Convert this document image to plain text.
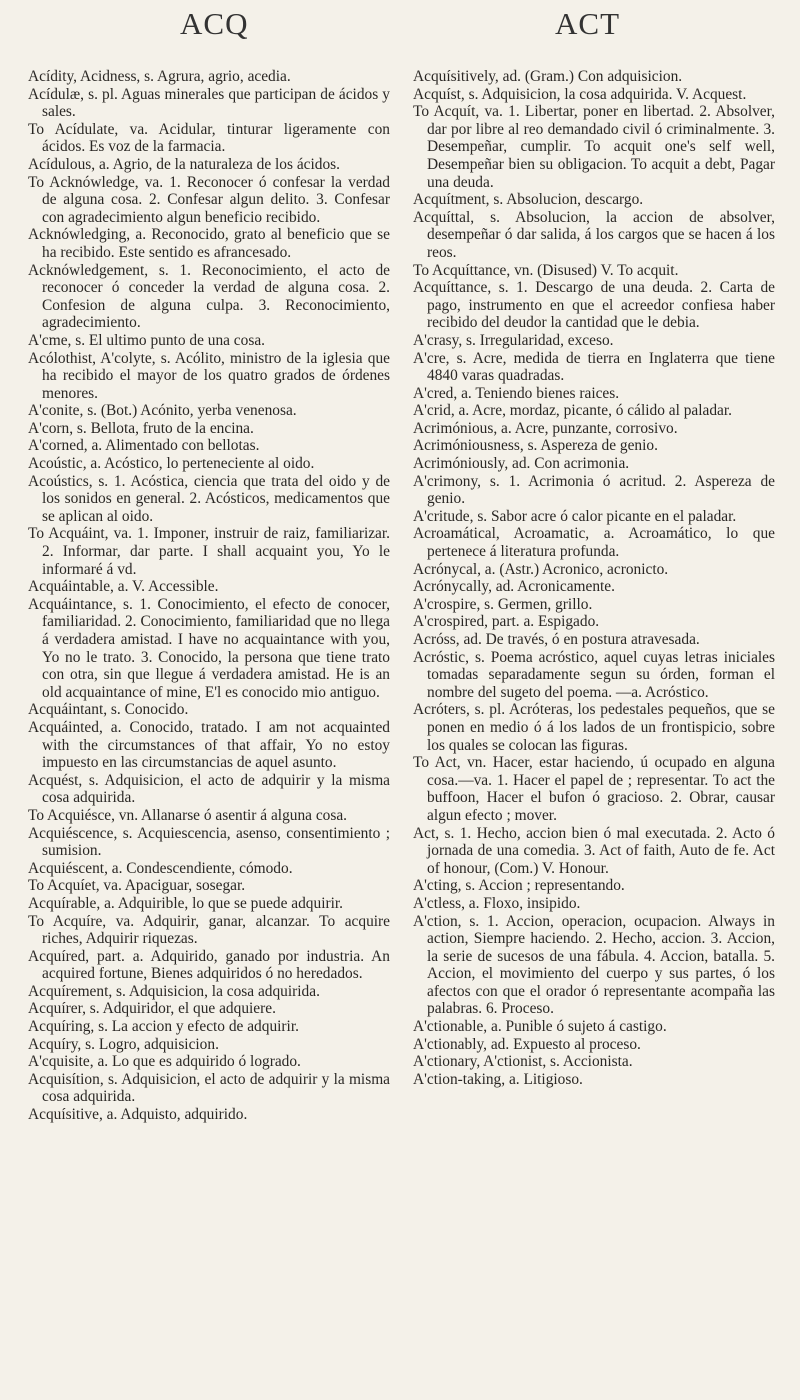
ACQ	ACT

Acídity, Acidness, s. Agrura, agrio, acedia.

Acídulæ, s. pl. Aguas minerales que participan de ácidos y sales.

To Acídulate, va. Acidular, tinturar ligeramente con ácidos. Es voz de la farmacia.

Acídulous, a. Agrio, de la naturaleza de los ácidos.

To Acknówledge, va. 1. Reconocer ó confesar la verdad de alguna cosa. 2. Confesar algun delito. 3. Confesar con agradecimiento algun beneficio recibido.

Acknówledging, a. Reconocido, grato al beneficio que se ha recibido. Este sentido es afrancesado.

Acknówledgement, s. 1. Reconocimiento, el acto de reconocer ó conceder la verdad de alguna cosa. 2. Confesion de alguna culpa. 3. Reconocimiento, agradecimiento.

A'cme, s. El ultimo punto de una cosa.

Acólothist, A'colyte, s. Acólito, ministro de la iglesia que ha recibido el mayor de los quatro grados de órdenes menores.

A'conite, s. (Bot.) Acónito, yerba venenosa.

A'corn, s. Bellota, fruto de la encina.

A'corned, a. Alimentado con bellotas.

Acoústic, a. Acóstico, lo perteneciente al oido.

Acoústics, s. 1. Acóstica, ciencia que trata del oido y de los sonidos en general. 2. Acósticos, medicamentos que se aplican al oido.

To Acquáint, va. 1. Imponer, instruir de raiz, familiarizar. 2. Informar, dar parte. I shall acquaint you, Yo le informaré á vd.

Acquáintable, a. V. Accessible.

Acquáintance, s. 1. Conocimiento, el efecto de conocer, familiaridad. 2. Conocimiento, familiaridad que no llega á verdadera amistad. I have no acquaintance with you, Yo no le trato. 3. Conocido, la persona que tiene trato con otra, sin que llegue á verdadera amistad. He is an old acquaintance of mine, E'l es conocido mio antiguo.

Acquáintant, s. Conocido.

Acquáinted, a. Conocido, tratado. I am not acquainted with the circumstances of that affair, Yo no estoy impuesto en las circumstancias de aquel asunto.

Acquést, s. Adquisicion, el acto de adquirir y la misma cosa adquirida.

To Acquiésce, vn. Allanarse ó asentir á alguna cosa.

Acquiéscence, s. Acquiescencia, asenso, consentimiento ; sumision.

Acquiéscent, a. Condescendiente, cómodo.

To Acquíet, va. Apaciguar, sosegar.

Acquírable, a. Adquirible, lo que se puede adquirir.

To Acquíre, va. Adquirir, ganar, alcanzar. To acquire riches, Adquirir riquezas.

Acquíred, part. a. Adquirido, ganado por industria. An acquired fortune, Bienes adquiridos ó no heredados.

Acquírement, s. Adquisicion, la cosa adquirida.

Acquírer, s. Adquiridor, el que adquiere.

Acquíring, s. La accion y efecto de adquirir.

Acquíry, s. Logro, adquisicion.

A'cquisite, a. Lo que es adquirido ó logrado.

Acquisítion, s. Adquisicion, el acto de adquirir y la misma cosa adquirida.

Acquísitive, a. Adquisto, adquirido.

Acquísitively, ad. (Gram.) Con adquisicion.

Acquíst, s. Adquisicion, la cosa adquirida. V. Acquest.

To Acquít, va. 1. Libertar, poner en libertad. 2. Absolver, dar por libre al reo demandado civil ó criminalmente. 3. Desempeñar, cumplir. To acquit one's self well, Desempeñar bien su obligacion. To acquit a debt, Pagar una deuda.

Acquítment, s. Absolucion, descargo.

Acquíttal, s. Absolucion, la accion de absolver, desempeñar ó dar salida, á los cargos que se hacen á los reos.

To Acquíttance, vn. (Disused) V. To acquit.

Acquíttance, s. 1. Descargo de una deuda. 2. Carta de pago, instrumento en que el acreedor confiesa haber recibido del deudor la cantidad que le debia.

A'crasy, s. Irregularidad, exceso.

A'cre, s. Acre, medida de tierra en Inglaterra que tiene 4840 varas quadradas.

A'cred, a. Teniendo bienes raices.

A'crid, a. Acre, mordaz, picante, ó cálido al paladar.

Acrimónious, a. Acre, punzante, corrosivo.

Acrimóniousness, s. Aspereza de genio.

Acrimóniously, ad. Con acrimonia.

A'crimony, s. 1. Acrimonia ó acritud. 2. Aspereza de genio.

A'critude, s. Sabor acre ó calor picante en el paladar.

Acroamátical, Acroamatic, a. Acroamático, lo que pertenece á literatura profunda.

Acrónycal, a. (Astr.) Acronico, acronicto.

Acrónycally, ad. Acronicamente.

A'crospire, s. Germen, grillo.

A'crospired, part. a. Espigado.

Acróss, ad. De través, ó en postura atravesada.

Acróstic, s. Poema acróstico, aquel cuyas letras iniciales tomadas separadamente segun su órden, forman el nombre del sugeto del poema. —a. Acróstico.

Acróters, s. pl. Acróteras, los pedestales pequeños, que se ponen en medio ó á los lados de un frontispicio, sobre los quales se colocan las figuras.

To Act, vn. Hacer, estar haciendo, ú ocupado en alguna cosa.—va. 1. Hacer el papel de ; representar. To act the buffoon, Hacer el bufon ó gracioso. 2. Obrar, causar algun efecto ; mover.

Act, s. 1. Hecho, accion bien ó mal executada. 2. Acto ó jornada de una comedia. 3. Act of faith, Auto de fe. Act of honour, (Com.) V. Honour.

A'cting, s. Accion ; representando.

A'ctless, a. Floxo, insipido.

A'ction, s. 1. Accion, operacion, ocupacion. Always in action, Siempre haciendo. 2. Hecho, accion. 3. Accion, la serie de sucesos de una fábula. 4. Accion, batalla. 5. Accion, el movimiento del cuerpo y sus partes, ó los afectos con que el orador ó representante acompaña las palabras. 6. Proceso.

A'ctionable, a. Punible ó sujeto á castigo.

A'ctionably, ad. Expuesto al proceso.

A'ctionary, A'ctionist, s. Accionista.

A'ction-taking, a. Litigioso.
